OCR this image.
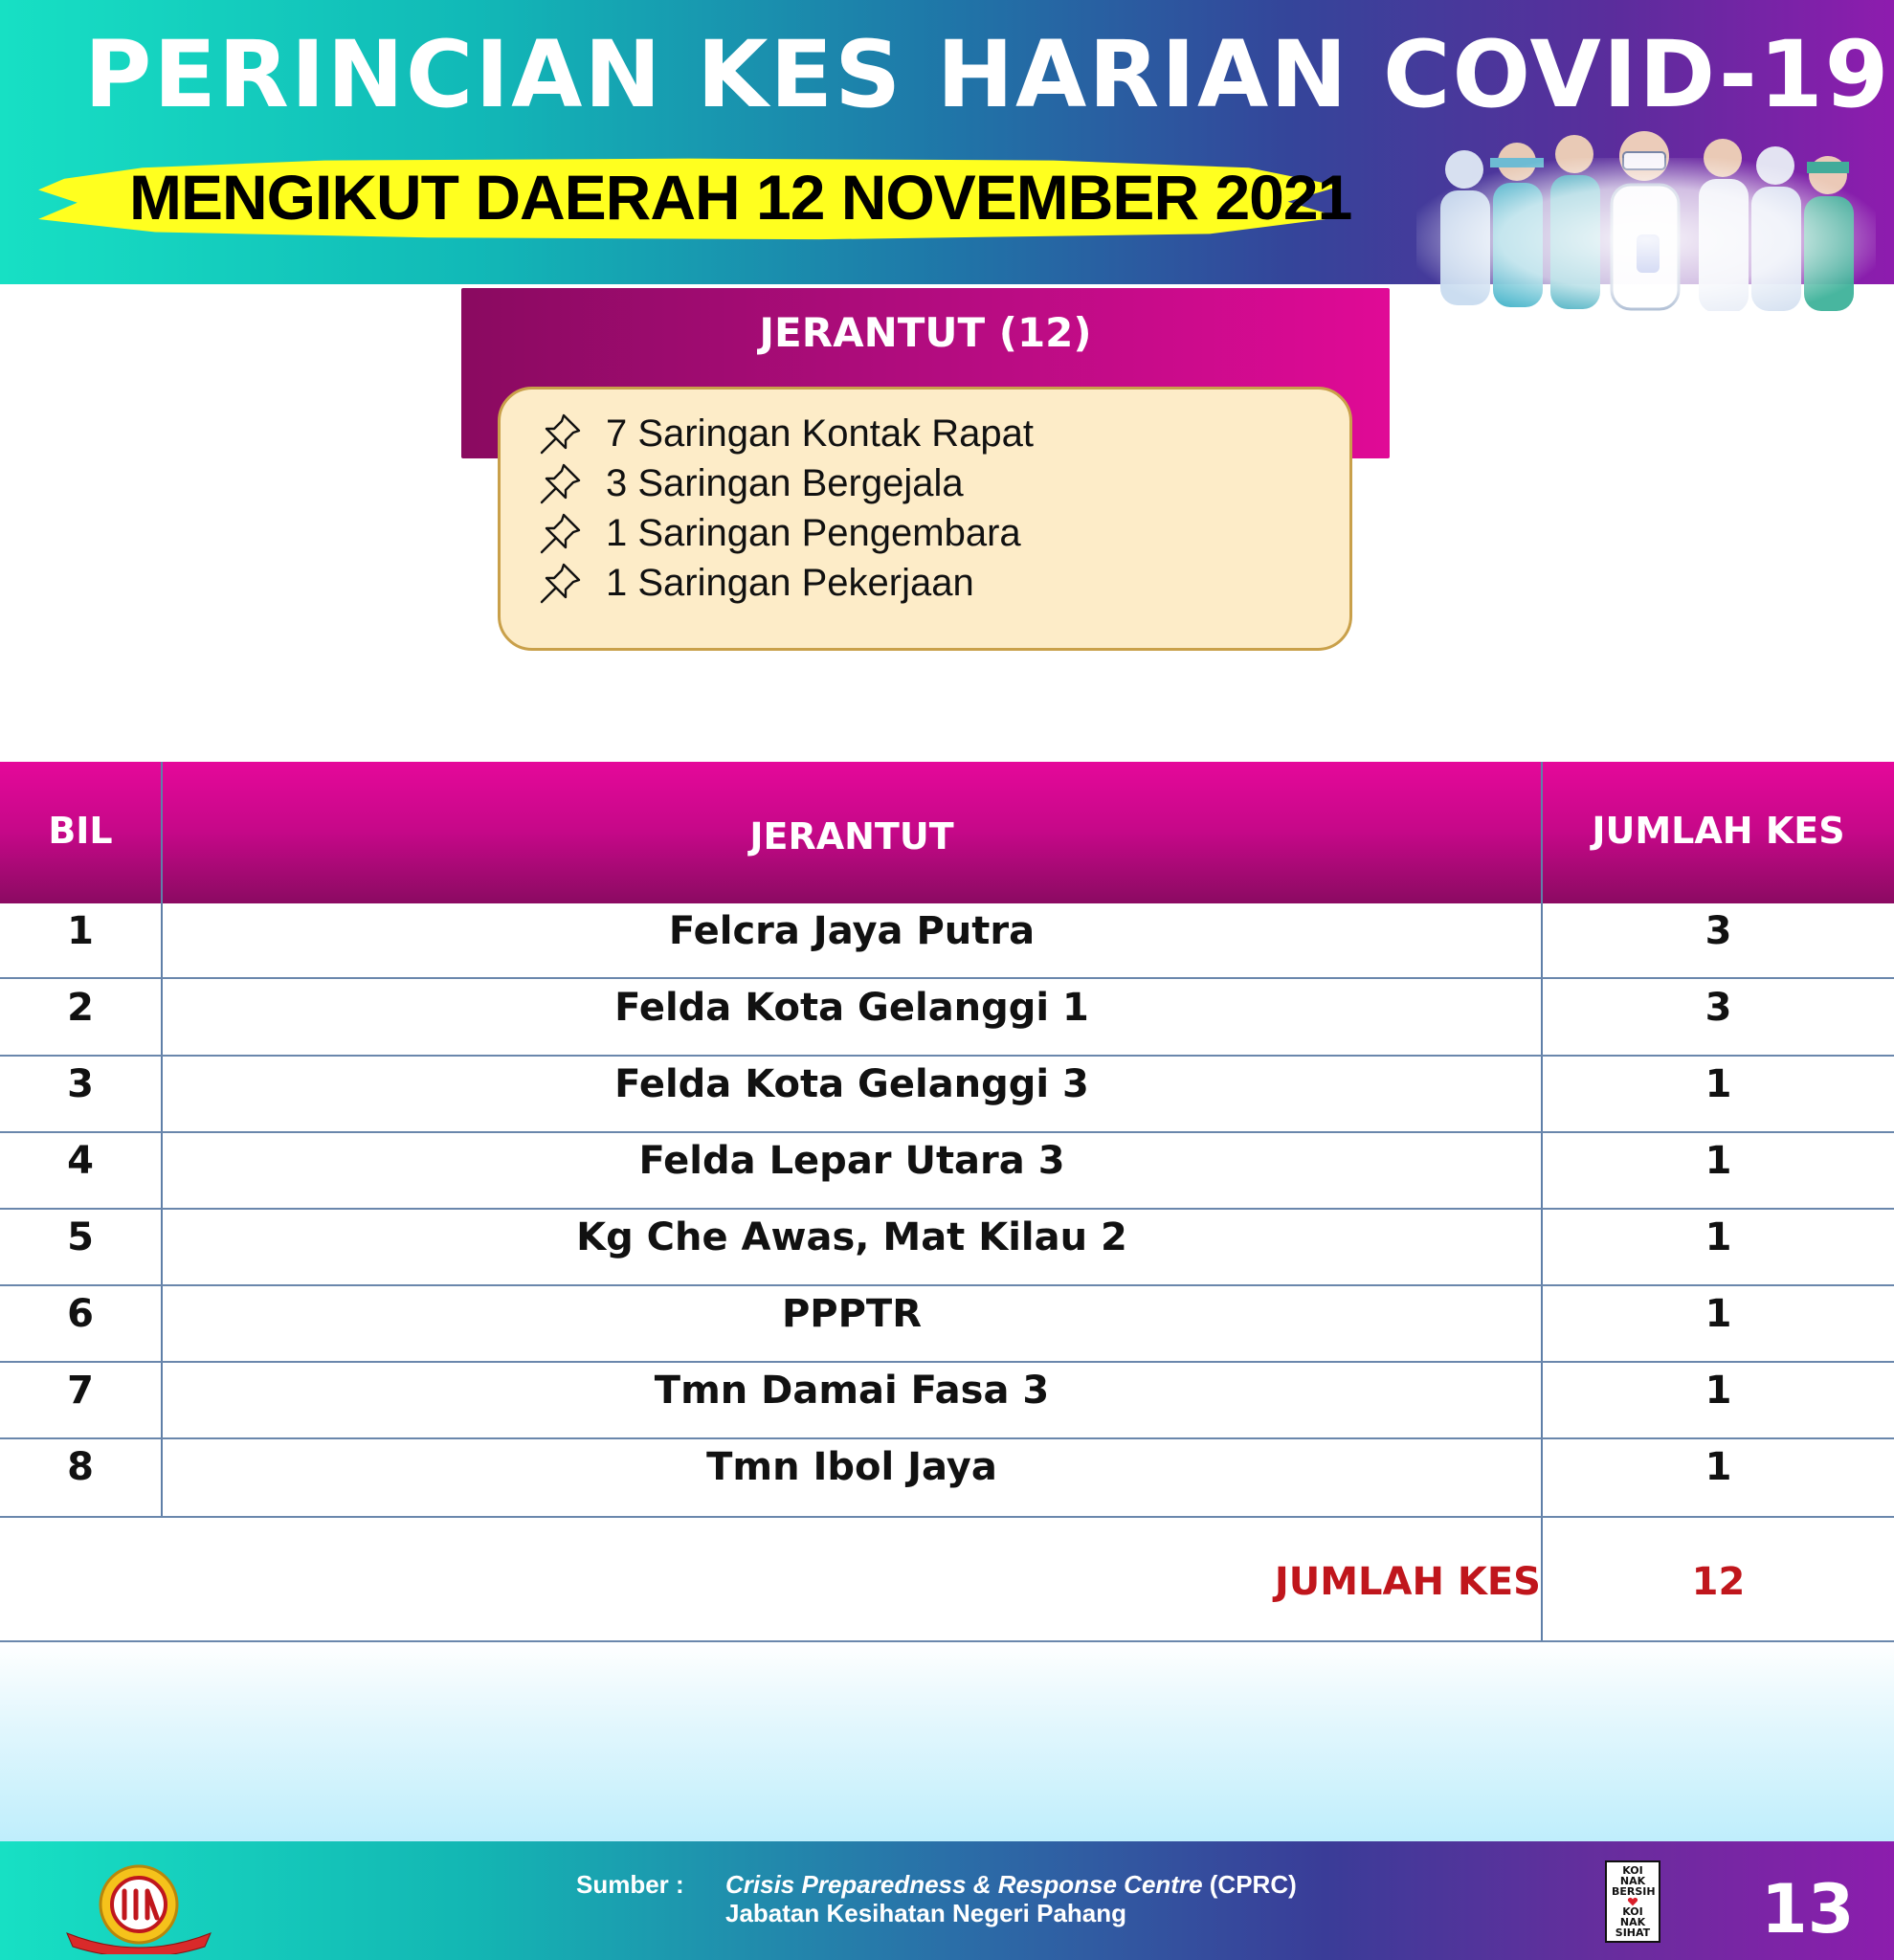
PERINCIAN KES HARIAN COVID-19
MENGIKUT DAERAH 12 NOVEMBER 2021
JERANTUT (12)
7 Saringan Kontak Rapat
3 Saringan Bergejala
1 Saringan Pengembara
1 Saringan Pekerjaan
BIL	JERANTUT	JUMLAH KES
1	Felcra Jaya Putra	3
2	Felda Kota Gelanggi 1	3
3	Felda Kota Gelanggi 3	1
4	Felda Lepar Utara 3	1
5	Kg Che Awas, Mat Kilau 2	1
6	PPPTR	1
7	Tmn Damai Fasa 3	1
8	Tmn Ibol Jaya	1
JUMLAH KES	12
Sumber : Crisis Preparedness & Response Centre (CPRC)
Jabatan Kesihatan Negeri Pahang
KOI NAK BERSIH
KOI NAK SIHAT 13
